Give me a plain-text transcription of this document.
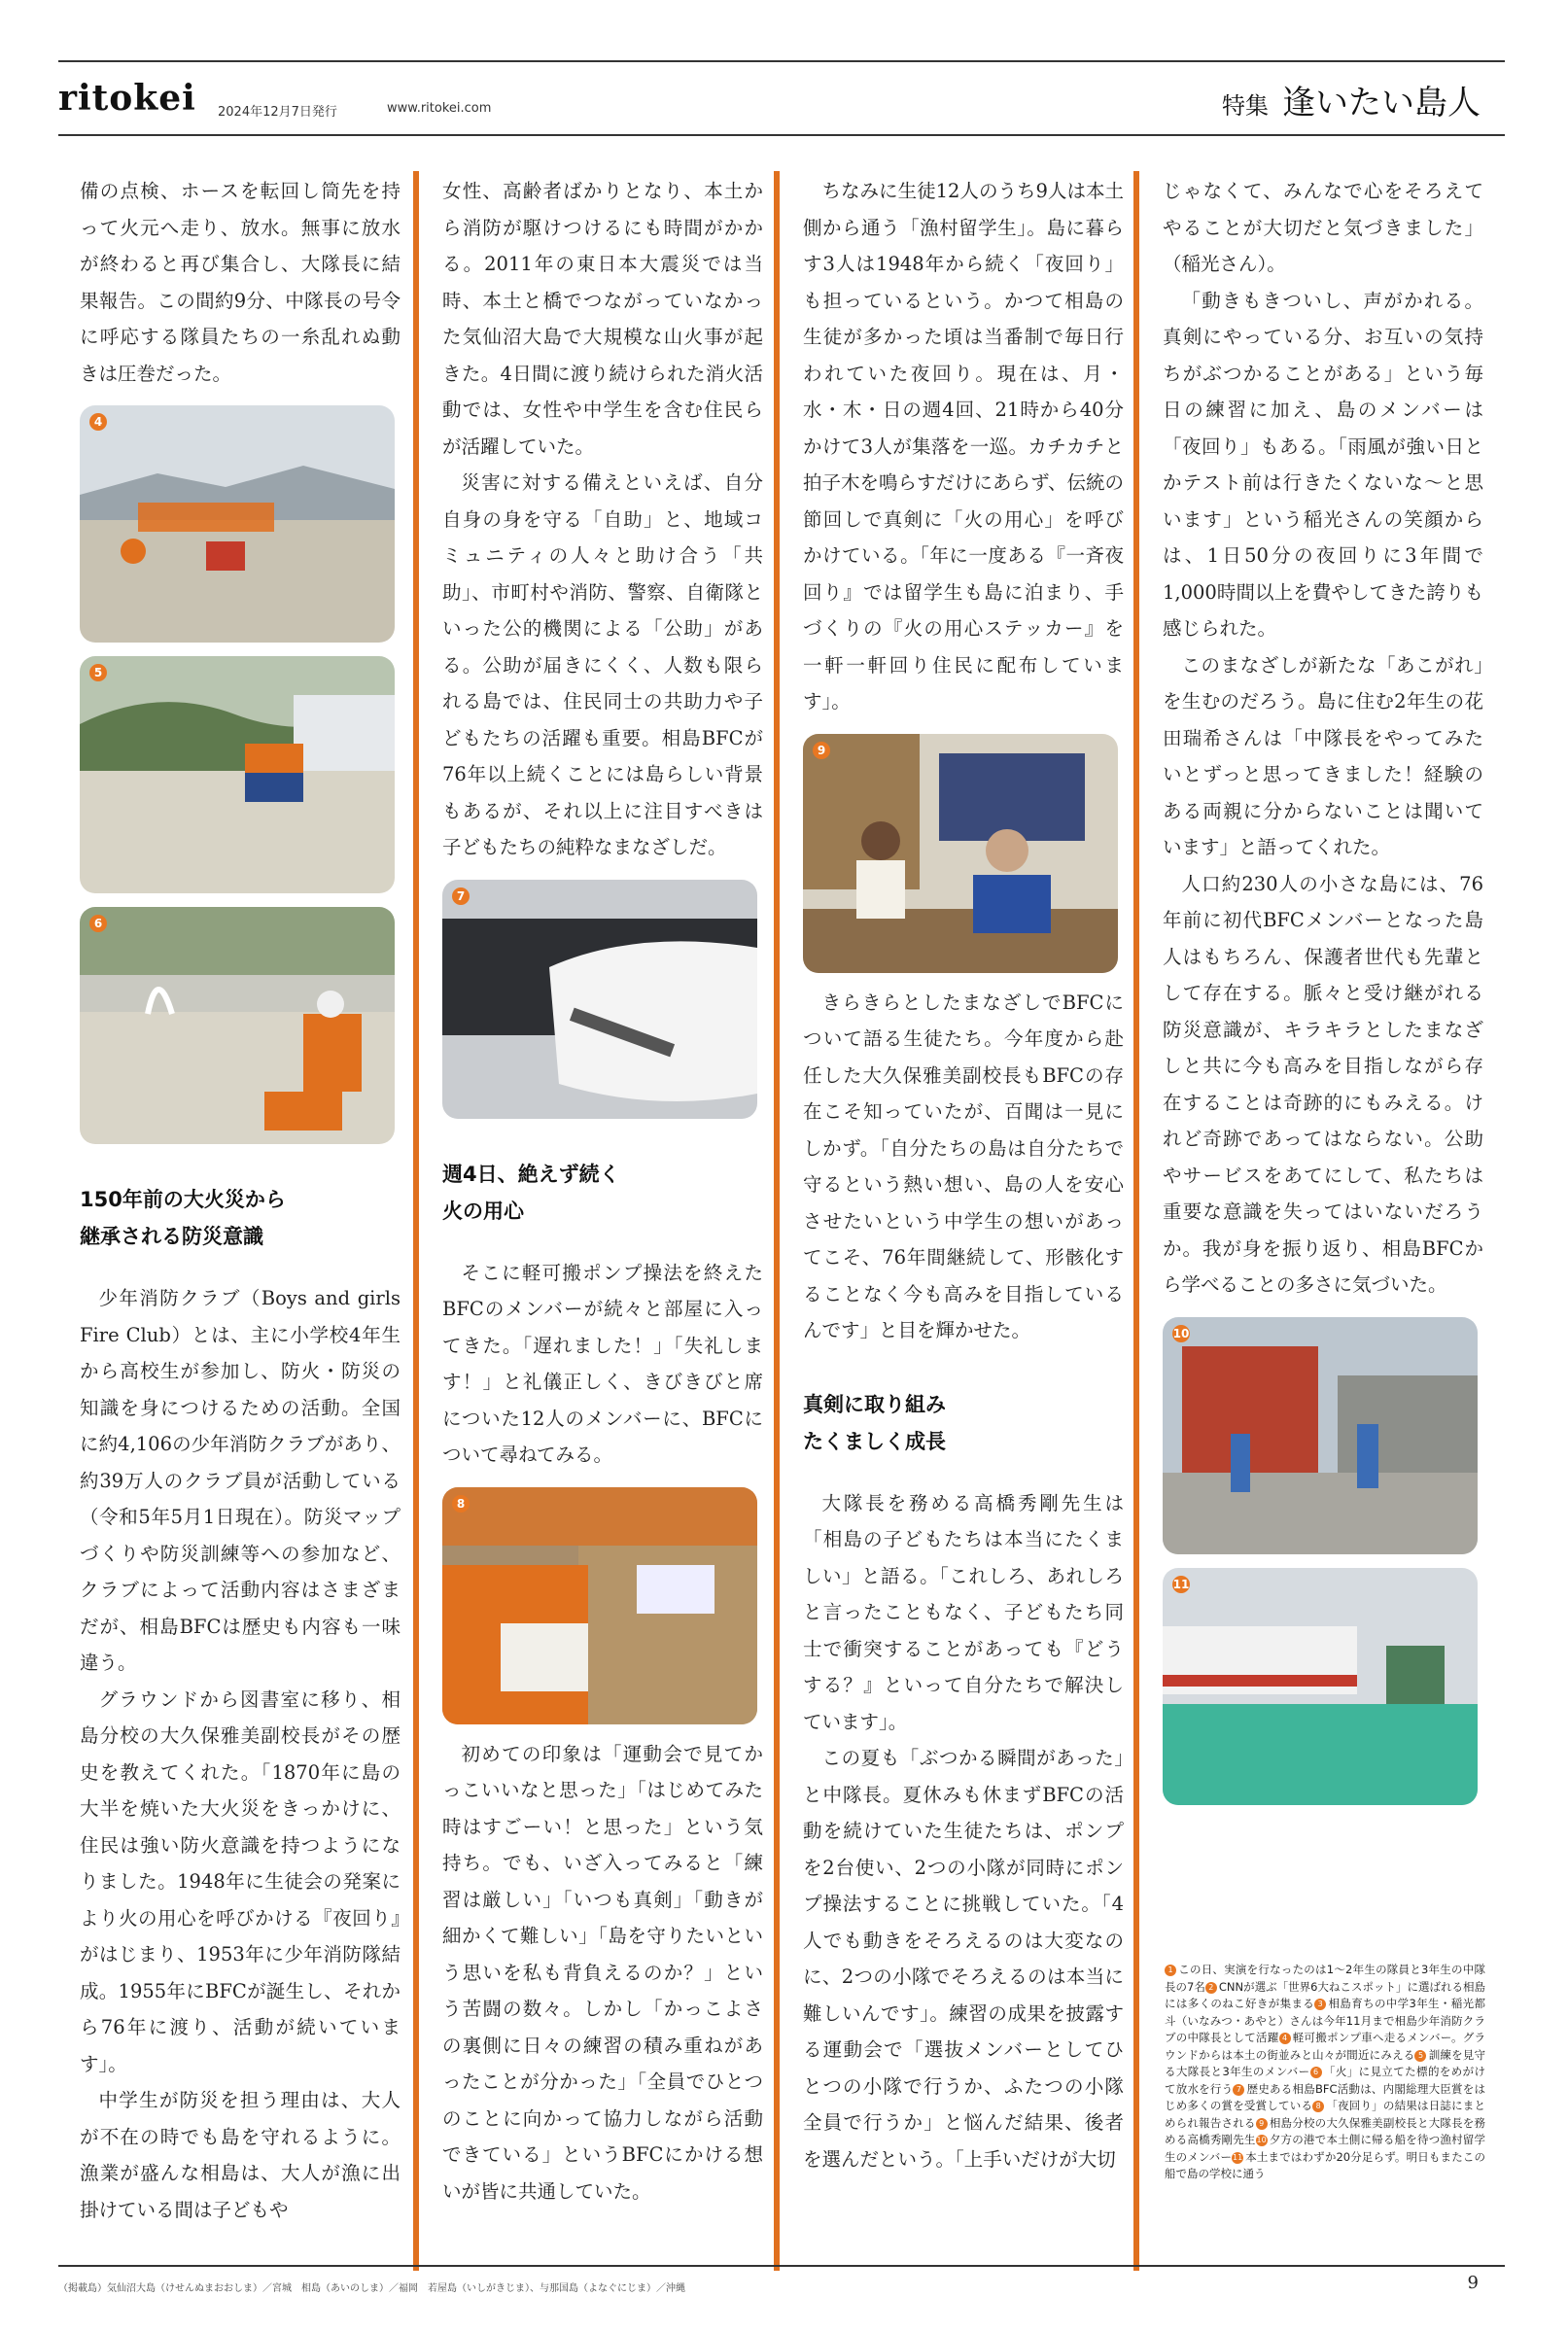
ritokei 2024年12月7日発行	www.ritokei.com	特集 逢いたい島人

備の点検、ホースを転回し筒先を持って火元へ走り、放水。無事に放水が終わると再び集合し、大隊長に結果報告。この間約9分、中隊長の号令に呼応する隊員たちの一糸乱れぬ動きは圧巻だった。

4
5
6
150年前の大火災から
継承される防災意識

少年消防クラブ（Boys and girls Fire Club）とは、主に小学校4年生から高校生が参加し、防火・防災の知識を身につけるための活動。全国に約4,106の少年消防クラブがあり、約39万人のクラブ員が活動している（令和5年5月1日現在）。防災マップづくりや防災訓練等への参加など、クラブによって活動内容はさまざまだが、相島BFCは歴史も内容も一味違う。

グラウンドから図書室に移り、相島分校の大久保雅美副校長がその歴史を教えてくれた。「1870年に島の大半を焼いた大火災をきっかけに、住民は強い防火意識を持つようになりました。1948年に生徒会の発案により火の用心を呼びかける『夜回り』がはじまり、1953年に少年消防隊結成。1955年にBFCが誕生し、それから76年に渡り、活動が続いています」。

中学生が防災を担う理由は、大人が不在の時でも島を守れるように。漁業が盛んな相島は、大人が漁に出掛けている間は子どもや

女性、高齢者ばかりとなり、本土から消防が駆けつけるにも時間がかかる。2011年の東日本大震災では当時、本土と橋でつながっていなかった気仙沼大島で大規模な山火事が起きた。4日間に渡り続けられた消火活動では、女性や中学生を含む住民らが活躍していた。

災害に対する備えといえば、自分自身の身を守る「自助」と、地域コミュニティの人々と助け合う「共助」、市町村や消防、警察、自衛隊といった公的機関による「公助」がある。公助が届きにくく、人数も限られる島では、住民同士の共助力や子どもたちの活躍も重要。相島BFCが76年以上続くことには島らしい背景もあるが、それ以上に注目すべきは子どもたちの純粋なまなざしだ。

7
週4日、絶えず続く
火の用心

そこに軽可搬ポンプ操法を終えたBFCのメンバーが続々と部屋に入ってきた。「遅れました！」「失礼します！」と礼儀正しく、きびきびと席についた12人のメンバーに、BFCについて尋ねてみる。

8

初めての印象は「運動会で見てかっこいいなと思った」「はじめてみた時はすごーい！と思った」という気持ち。でも、いざ入ってみると「練習は厳しい」「いつも真剣」「動きが細かくて難しい」「島を守りたいという思いを私も背負えるのか？」という苦闘の数々。しかし「かっこよさの裏側に日々の練習の積み重ねがあったことが分かった」「全員でひとつのことに向かって協力しながら活動できている」というBFCにかける想いが皆に共通していた。

ちなみに生徒12人のうち9人は本土側から通う「漁村留学生」。島に暮らす3人は1948年から続く「夜回り」も担っているという。かつて相島の生徒が多かった頃は当番制で毎日行われていた夜回り。現在は、月・水・木・日の週4回、21時から40分かけて3人が集落を一巡。カチカチと拍子木を鳴らすだけにあらず、伝統の節回しで真剣に「火の用心」を呼びかけている。「年に一度ある『一斉夜回り』では留学生も島に泊まり、手づくりの『火の用心ステッカー』を一軒一軒回り住民に配布しています」。

9

きらきらとしたまなざしでBFCについて語る生徒たち。今年度から赴任した大久保雅美副校長もBFCの存在こそ知っていたが、百聞は一見にしかず。「自分たちの島は自分たちで守るという熱い想い、島の人を安心させたいという中学生の想いがあってこそ、76年間継続して、形骸化することなく今も高みを目指しているんです」と目を輝かせた。

真剣に取り組み
たくましく成長

大隊長を務める高橋秀剛先生は「相島の子どもたちは本当にたくましい」と語る。「これしろ、あれしろと言ったこともなく、子どもたち同士で衝突することがあっても『どうする？』といって自分たちで解決しています」。

この夏も「ぶつかる瞬間があった」と中隊長。夏休みも休まずBFCの活動を続けていた生徒たちは、ポンプを2台使い、2つの小隊が同時にポンプ操法することに挑戦していた。「4人でも動きをそろえるのは大変なのに、2つの小隊でそろえるのは本当に難しいんです」。練習の成果を披露する運動会で「選抜メンバーとしてひとつの小隊で行うか、ふたつの小隊全員で行うか」と悩んだ結果、後者を選んだという。「上手いだけが大切

じゃなくて、みんなで心をそろえてやることが大切だと気づきました」（稲光さん）。

「動きもきついし、声がかれる。真剣にやっている分、お互いの気持ちがぶつかることがある」という毎日の練習に加え、島のメンバーは「夜回り」もある。「雨風が強い日とかテスト前は行きたくないな〜と思います」という稲光さんの笑顔からは、1日50分の夜回りに3年間で1,000時間以上を費やしてきた誇りも感じられた。

このまなざしが新たな「あこがれ」を生むのだろう。島に住む2年生の花田瑞希さんは「中隊長をやってみたいとずっと思ってきました！経験のある両親に分からないことは聞いています」と語ってくれた。

人口約230人の小さな島には、76年前に初代BFCメンバーとなった島人はもちろん、保護者世代も先輩として存在する。脈々と受け継がれる防災意識が、キラキラとしたまなざしと共に今も高みを目指しながら存在することは奇跡的にもみえる。けれど奇跡であってはならない。公助やサービスをあてにして、私たちは重要な意識を失ってはいないだろうか。我が身を振り返り、相島BFCから学べることの多さに気づいた。

10
11
1 この日、実演を行なったのは1〜2年生の隊員と3年生の中隊長の7名 2 CNNが選ぶ「世界6大ねこスポット」に選ばれる相島には多くのねこ好きが集まる 3 相島育ちの中学3年生・稲光都斗（いなみつ・あやと）さんは今年11月まで相島少年消防クラブの中隊長として活躍 4 軽可搬ポンプ車へ走るメンバー。グラウンドからは本土の街並みと山々が間近にみえる 5 訓練を見守る大隊長と3年生のメンバー 6 「火」に見立てた標的をめがけて放水を行う 7 歴史ある相島BFC活動は、内閣総理大臣賞をはじめ多くの賞を受賞している 8 「夜回り」の結果は日誌にまとめられ報告される 9 相島分校の大久保雅美副校長と大隊長を務める高橋秀剛先生10 夕方の港で本土側に帰る船を待つ漁村留学生のメンバー11 本土まではわずか20分足らず。明日もまたこの船で島の学校に通う
（掲載島）気仙沼大島（けせんぬまおおしま）／宮城　相島（あいのしま）／福岡　若屋島（いしがきじま）、与那国島（よなぐにじま）／沖縄	9
